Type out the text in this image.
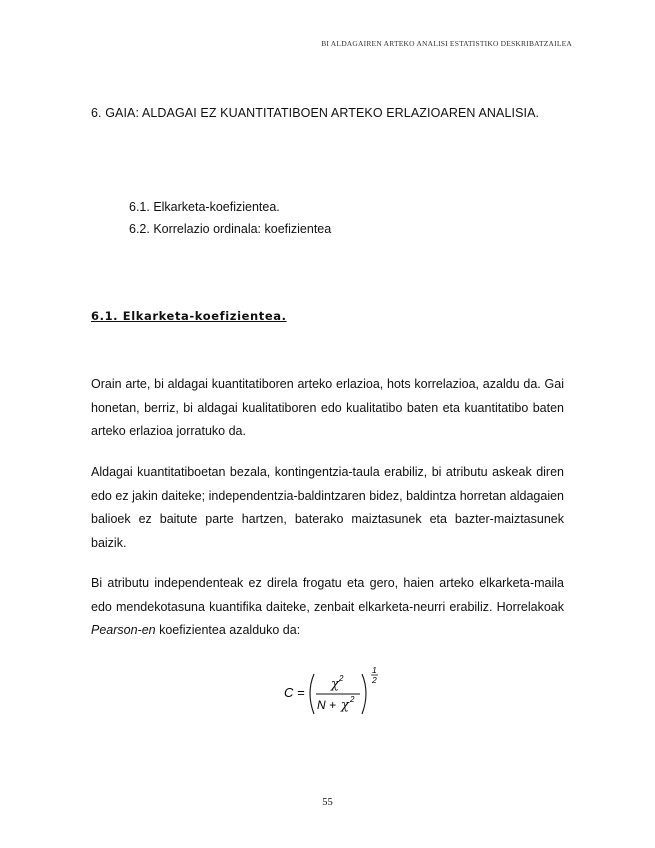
BI ALDAGAIREN ARTEKO ANALISI ESTATISTIKO DESKRIBATZAILEA
6. GAIA: ALDAGAI EZ KUANTITATIBOEN ARTEKO ERLAZIOAREN ANALISIA.
6.1. Elkarketa-koefizientea.
6.2. Korrelazio ordinala: koefizientea
6.1. Elkarketa-koefizientea.
Orain arte, bi aldagai kuantitatiboren arteko erlazioa, hots korrelazioa, azaldu da. Gai honetan, berriz, bi aldagai kualitatiboren edo kualitatibo baten eta kuantitatibo baten arteko erlazioa jorratuko da.
Aldagai kuantitatiboetan bezala, kontingentzia-taula erabiliz, bi atributu askeak diren edo ez jakin daiteke; independentzia-baldintzaren bidez, baldintza horretan aldagaien balioek ez baitute parte hartzen, baterako maiztasunek eta bazter-maiztasunek baizik.
Bi atributu independenteak ez direla frogatu eta gero, haien arteko elkarketa-maila edo mendekotasuna kuantifika daiteke, zenbait elkarketa-neurri erabiliz. Horrelakoak Pearson-en koefizientea azalduko da:
C =
χ 2
N + χ 2
1
2
55
